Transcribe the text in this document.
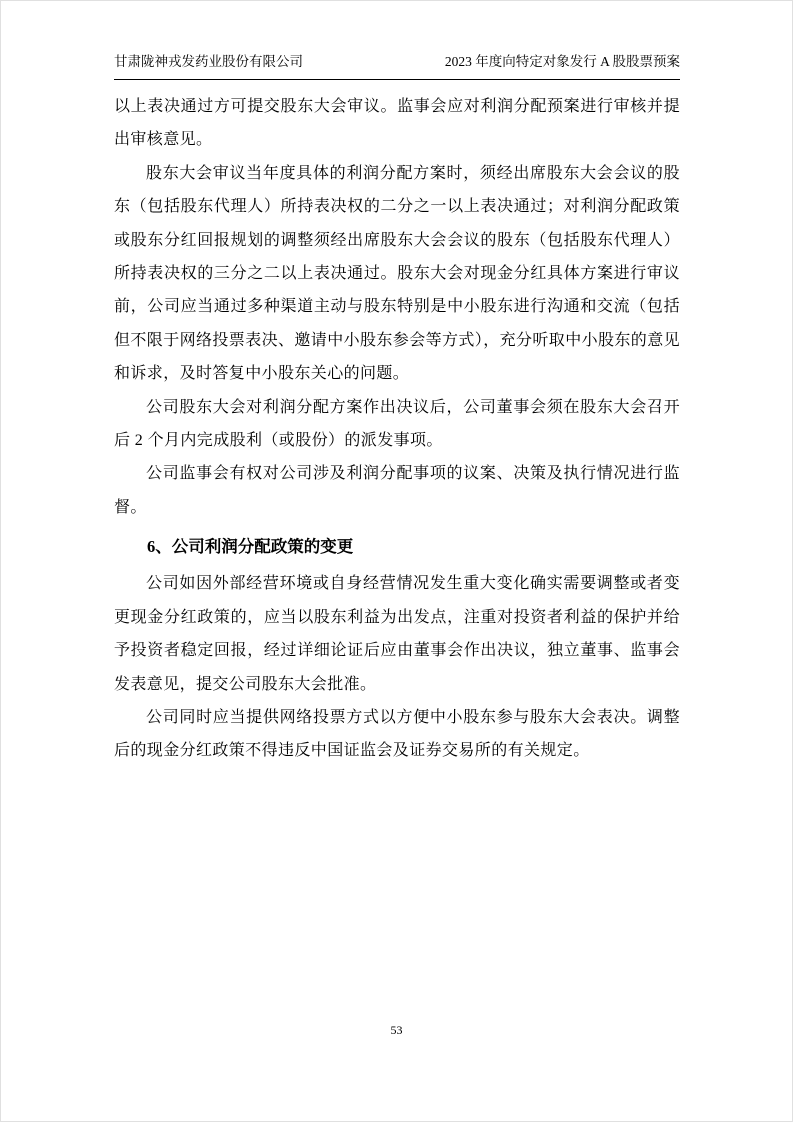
甘肃陇神戎发药业股份有限公司	2023 年度向特定对象发行 A 股股票预案

以上表决通过方可提交股东大会审议。监事会应对利润分配预案进行审核并提出审核意见。

股东大会审议当年度具体的利润分配方案时，须经出席股东大会会议的股东（包括股东代理人）所持表决权的二分之一以上表决通过；对利润分配政策或股东分红回报规划的调整须经出席股东大会会议的股东（包括股东代理人）所持表决权的三分之二以上表决通过。股东大会对现金分红具体方案进行审议前，公司应当通过多种渠道主动与股东特别是中小股东进行沟通和交流（包括但不限于网络投票表决、邀请中小股东参会等方式），充分听取中小股东的意见和诉求，及时答复中小股东关心的问题。

公司股东大会对利润分配方案作出决议后，公司董事会须在股东大会召开后 2 个月内完成股利（或股份）的派发事项。

公司监事会有权对公司涉及利润分配事项的议案、决策及执行情况进行监督。

6、公司利润分配政策的变更

公司如因外部经营环境或自身经营情况发生重大变化确实需要调整或者变更现金分红政策的，应当以股东利益为出发点，注重对投资者利益的保护并给予投资者稳定回报，经过详细论证后应由董事会作出决议，独立董事、监事会发表意见，提交公司股东大会批准。

公司同时应当提供网络投票方式以方便中小股东参与股东大会表决。调整后的现金分红政策不得违反中国证监会及证券交易所的有关规定。

53
